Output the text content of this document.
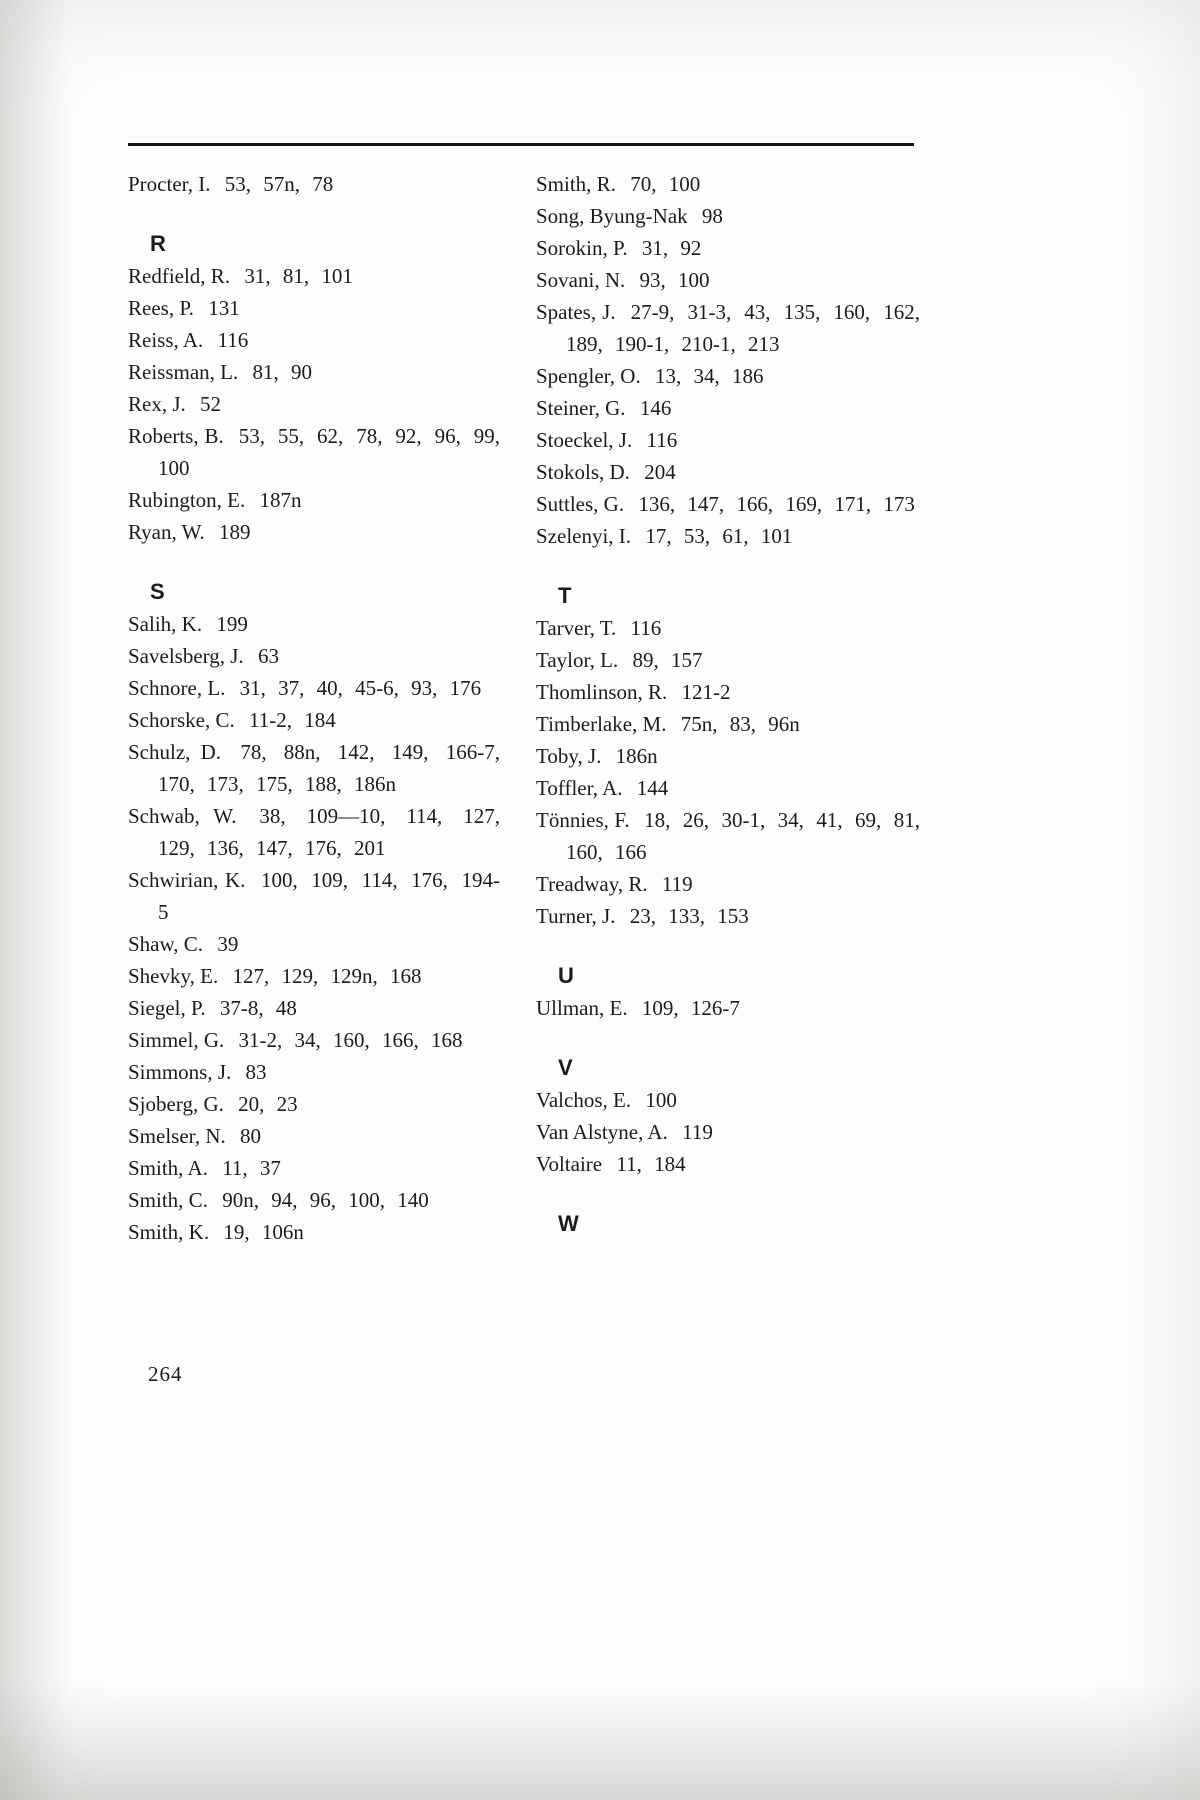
Procter, I. 53, 57n, 78
R
Redfield, R. 31, 81, 101
Rees, P. 131
Reiss, A. 116
Reissman, L. 81, 90
Rex, J. 52
Roberts, B. 53, 55, 62, 78, 92, 96, 99, 100
Rubington, E. 187n
Ryan, W. 189
S
Salih, K. 199
Savelsberg, J. 63
Schnore, L. 31, 37, 40, 45-6, 93, 176
Schorske, C. 11-2, 184
Schulz, D. 78, 88n, 142, 149, 166-7, 170, 173, 175, 188, 186n
Schwab, W. 38, 109—10, 114, 127, 129, 136, 147, 176, 201
Schwirian, K. 100, 109, 114, 176, 194-5
Shaw, C. 39
Shevky, E. 127, 129, 129n, 168
Siegel, P. 37-8, 48
Simmel, G. 31-2, 34, 160, 166, 168
Simmons, J. 83
Sjoberg, G. 20, 23
Smelser, N. 80
Smith, A. 11, 37
Smith, C. 90n, 94, 96, 100, 140
Smith, K. 19, 106n
Smith, R. 70, 100
Song, Byung-Nak 98
Sorokin, P. 31, 92
Sovani, N. 93, 100
Spates, J. 27-9, 31-3, 43, 135, 160, 162, 189, 190-1, 210-1, 213
Spengler, O. 13, 34, 186
Steiner, G. 146
Stoeckel, J. 116
Stokols, D. 204
Suttles, G. 136, 147, 166, 169, 171, 173
Szelenyi, I. 17, 53, 61, 101
T
Tarver, T. 116
Taylor, L. 89, 157
Thomlinson, R. 121-2
Timberlake, M. 75n, 83, 96n
Toby, J. 186n
Toffler, A. 144
Tönnies, F. 18, 26, 30-1, 34, 41, 69, 81, 160, 166
Treadway, R. 119
Turner, J. 23, 133, 153
U
Ullman, E. 109, 126-7
V
Valchos, E. 100
Van Alstyne, A. 119
Voltaire 11, 184
W
264
